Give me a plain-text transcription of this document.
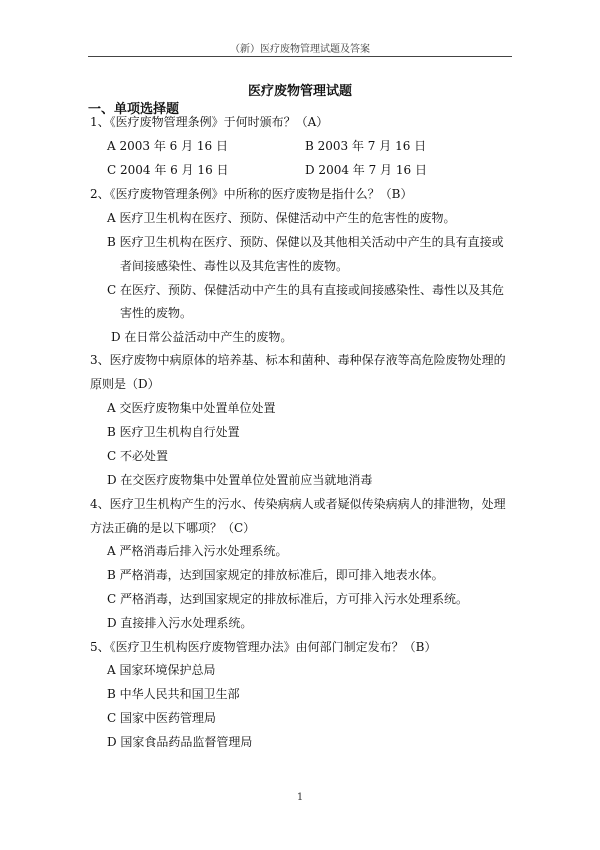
（新）医疗废物管理试题及答案
医疗废物管理试题
一、单项选择题
1、《医疗废物管理条例》于何时颁布？（A）
A 2003 年 6 月 16 日	B 2003 年 7 月 16 日
C 2004 年 6 月 16 日	D 2004 年 7 月 16 日
2、《医疗废物管理条例》中所称的医疗废物是指什么？（B）
A 医疗卫生机构在医疗、预防、保健活动中产生的危害性的废物。
B 医疗卫生机构在医疗、预防、保健以及其他相关活动中产生的具有直接或
者间接感染性、毒性以及其危害性的废物。
C 在医疗、预防、保健活动中产生的具有直接或间接感染性、毒性以及其危
害性的废物。
D 在日常公益活动中产生的废物。
3、医疗废物中病原体的培养基、标本和菌种、毒种保存液等高危险废物处理的
原则是（D）
A 交医疗废物集中处置单位处置
B 医疗卫生机构自行处置
C 不必处置
D 在交医疗废物集中处置单位处置前应当就地消毒
4、医疗卫生机构产生的污水、传染病病人或者疑似传染病病人的排泄物，处理
方法正确的是以下哪项？（C）
A 严格消毒后排入污水处理系统。
B 严格消毒，达到国家规定的排放标准后，即可排入地表水体。
C 严格消毒，达到国家规定的排放标准后，方可排入污水处理系统。
D 直接排入污水处理系统。
5、《医疗卫生机构医疗废物管理办法》由何部门制定发布？（B）
A 国家环境保护总局
B 中华人民共和国卫生部
C 国家中医药管理局
D 国家食品药品监督管理局
1
